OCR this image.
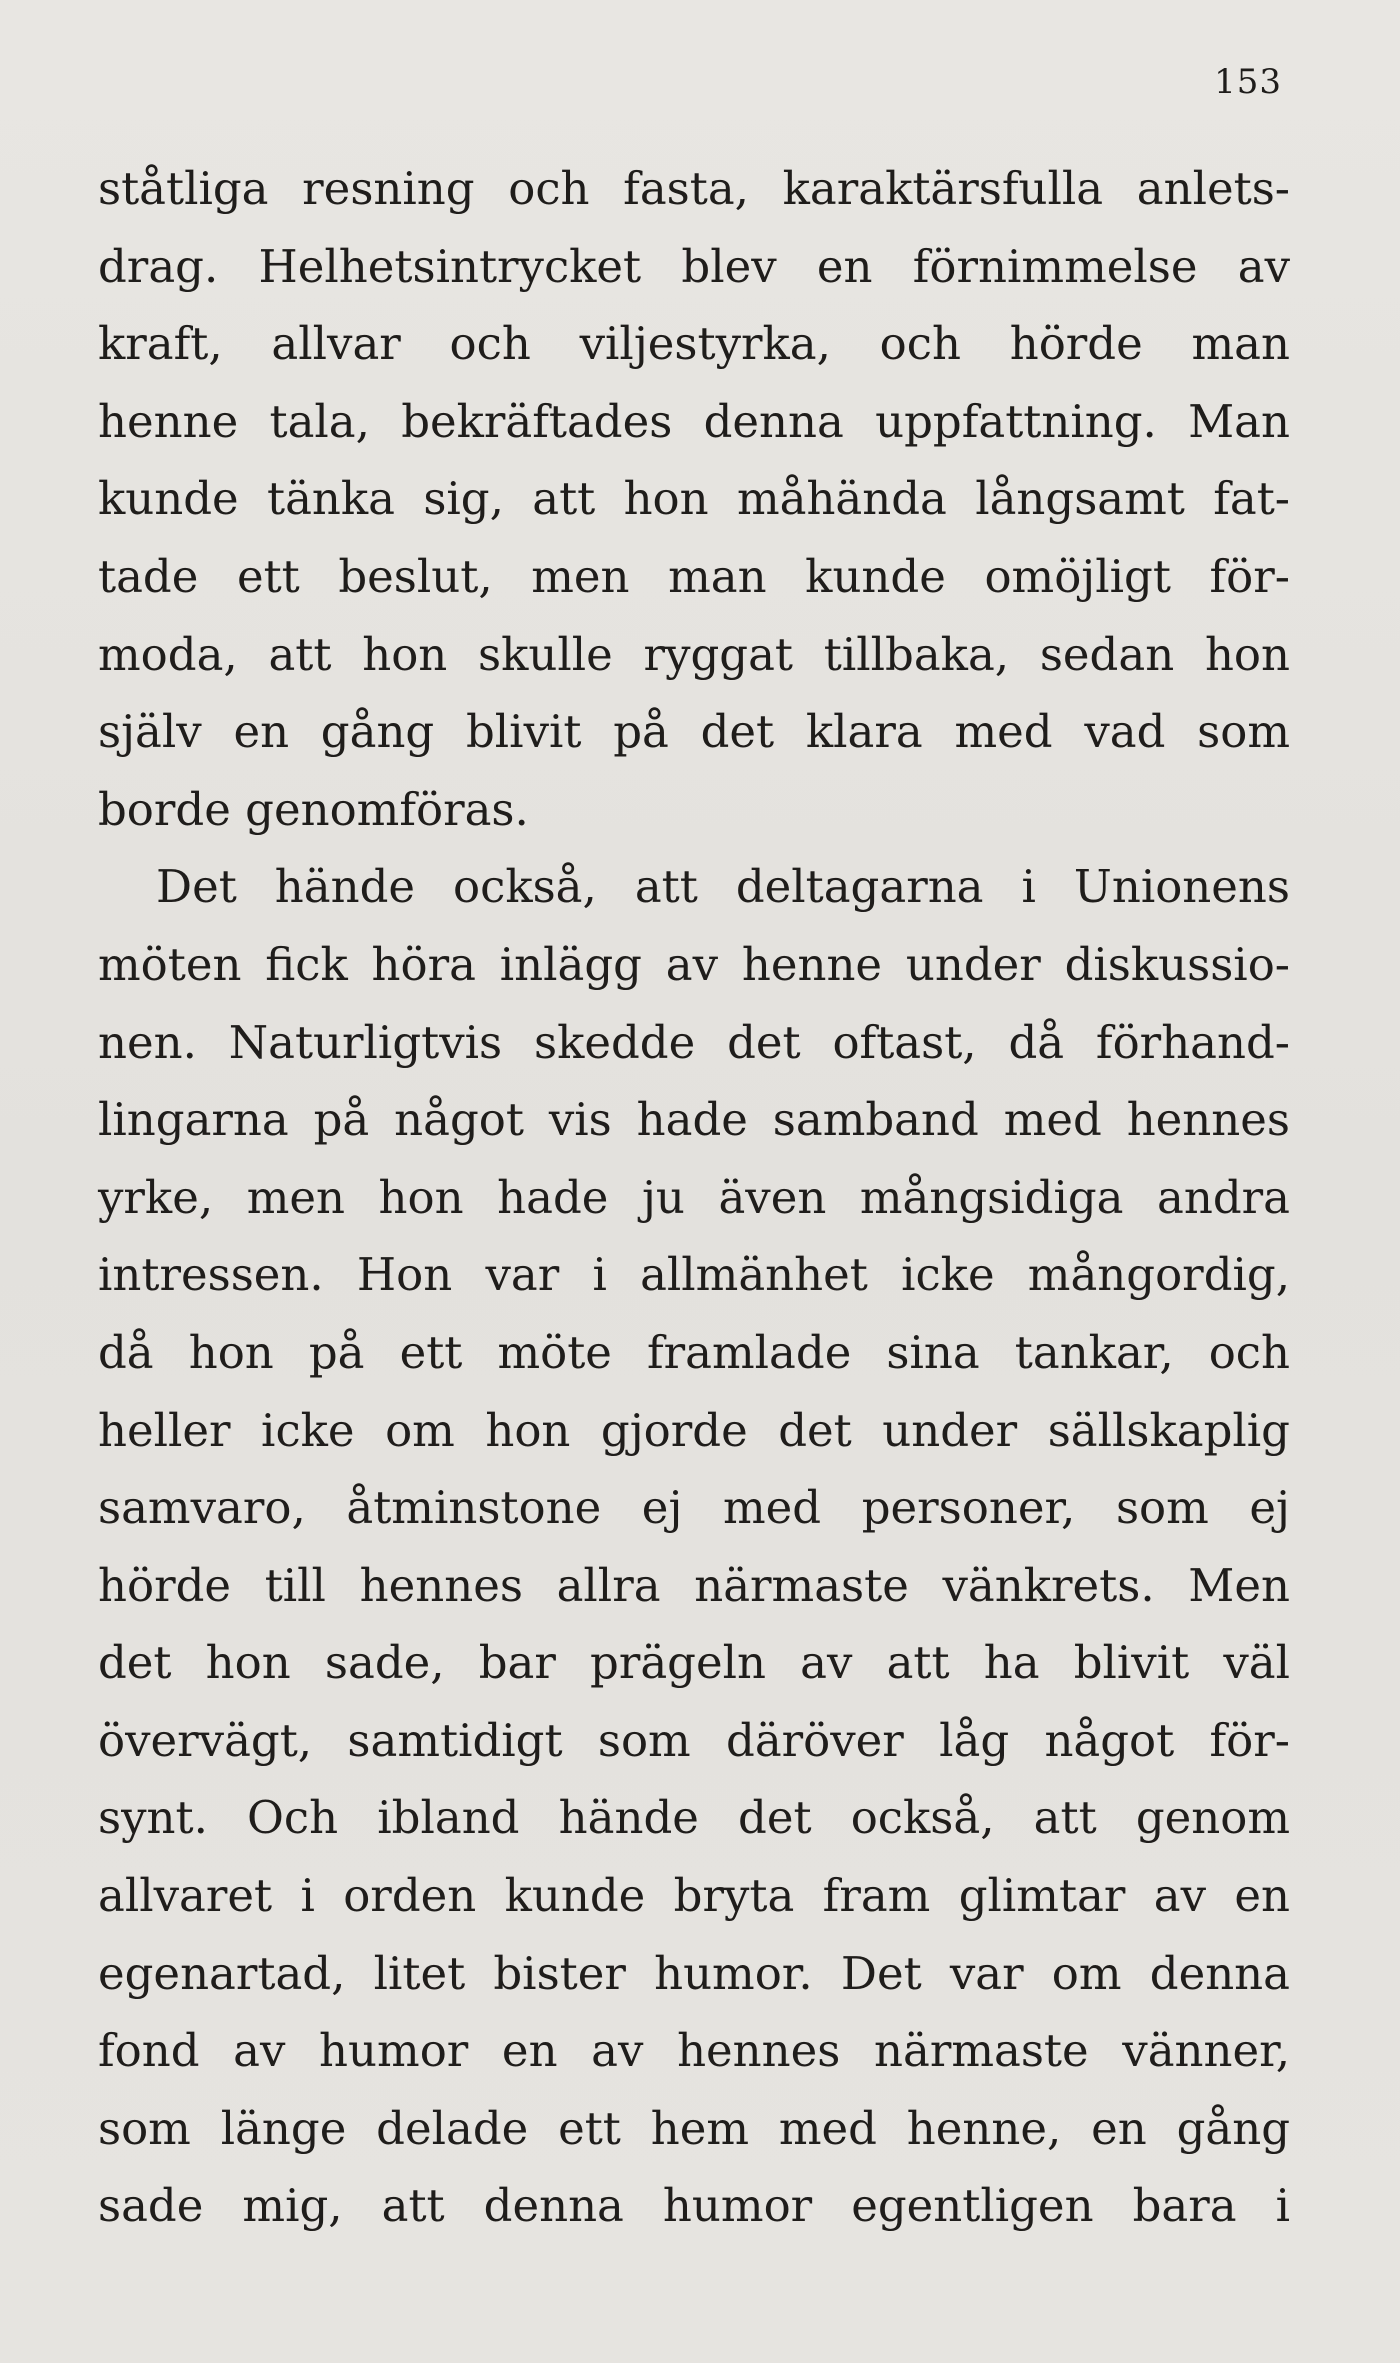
153

ståtliga resning och fasta, karaktärsfulla anlets-
drag. Helhetsintrycket blev en förnimmelse av
kraft, allvar och viljestyrka, och hörde man
henne tala, bekräftades denna uppfattning. Man
kunde tänka sig, att hon måhända långsamt fat-
tade ett beslut, men man kunde omöjligt för-
moda, att hon skulle ryggat tillbaka, sedan hon
själv en gång blivit på det klara med vad som
borde genomföras.
Det hände också, att deltagarna i Unionens
möten fick höra inlägg av henne under diskussio-
nen. Naturligtvis skedde det oftast, då förhand-
lingarna på något vis hade samband med hennes
yrke, men hon hade ju även mångsidiga andra
intressen. Hon var i allmänhet icke mångordig,
då hon på ett möte framlade sina tankar, och
heller icke om hon gjorde det under sällskaplig
samvaro, åtminstone ej med personer, som ej
hörde till hennes allra närmaste vänkrets. Men
det hon sade, bar prägeln av att ha blivit väl
övervägt, samtidigt som däröver låg något för-
synt. Och ibland hände det också, att genom
allvaret i orden kunde bryta fram glimtar av en
egenartad, litet bister humor. Det var om denna
fond av humor en av hennes närmaste vänner,
som länge delade ett hem med henne, en gång
sade mig, att denna humor egentligen bara i
